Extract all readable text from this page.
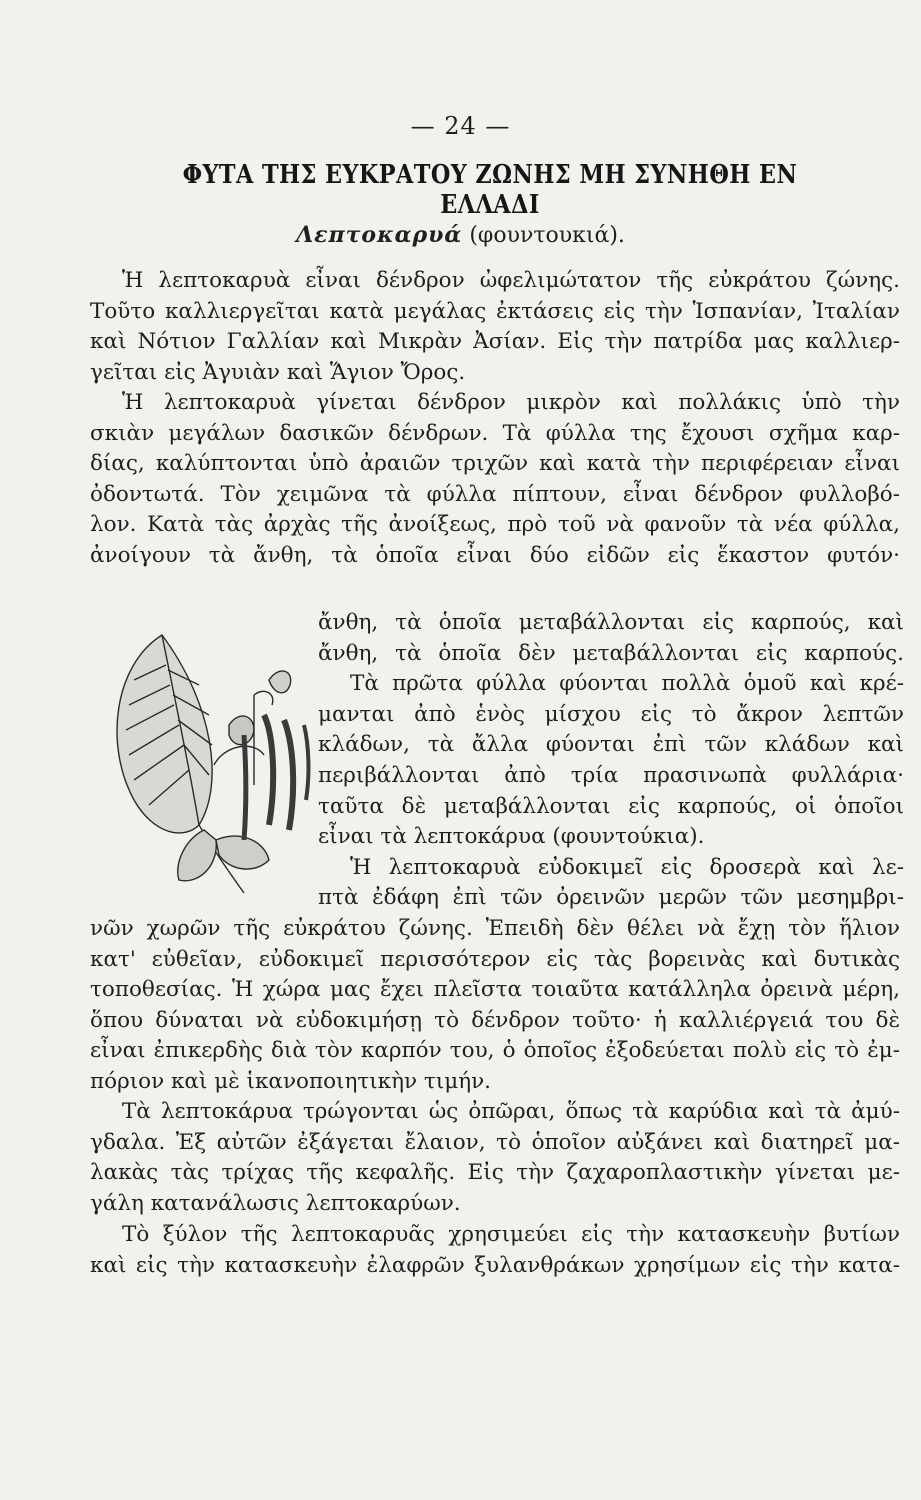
— 24 —
ΦΥΤΑ ΤΗΣ ΕΥΚΡΑΤΟΥ ΖΩΝΗΣ ΜΗ ΣΥΝΗΘΗ ΕΝ ΕΛΛΑΔΙ
Λεπτοκαρυά (φουντουκιά).
Ἡ λεπτοκαρυὰ εἶναι δένδρον ὠφελιμώτατον τῆς εὐκράτου ζώνης.
Τοῦτο καλλιεργεῖται κατὰ μεγάλας ἐκτάσεις εἰς τὴν Ἱσπανίαν, Ἰταλίαν
καὶ Νότιον Γαλλίαν καὶ Μικρὰν Ἀσίαν. Εἰς τὴν πατρίδα μας καλλιερ-
γεῖται εἰς Ἀγυιὰν καὶ Ἅγιον Ὄρος.
Ἡ λεπτοκαρυὰ γίνεται δένδρον μικρὸν καὶ πολλάκις ὑπὸ τὴν
σκιὰν μεγάλων δασικῶν δένδρων. Τὰ φύλλα της ἔχουσι σχῆμα καρ-
δίας, καλύπτονται ὑπὸ ἀραιῶν τριχῶν καὶ κατὰ τὴν περιφέρειαν εἶναι
ὀδοντωτά. Τὸν χειμῶνα τὰ φύλλα πίπτουν, εἶναι δένδρον φυλλοβό-
λον. Κατὰ τὰς ἀρχὰς τῆς ἀνοίξεως, πρὸ τοῦ νὰ φανοῦν τὰ νέα φύλλα,
ἀνοίγουν τὰ ἄνθη, τὰ ὁποῖα εἶναι δύο εἰδῶν εἰς ἕκαστον φυτόν·
ἄνθη, τὰ ὁποῖα μεταβάλλονται εἰς καρπούς, καὶ
ἄνθη, τὰ ὁποῖα δὲν μεταβάλλονται εἰς καρπούς.
Τὰ πρῶτα φύλλα φύονται πολλὰ ὁμοῦ καὶ κρέ-
μανται ἀπὸ ἑνὸς μίσχου εἰς τὸ ἄκρον λεπτῶν
κλάδων, τὰ ἄλλα φύονται ἐπὶ τῶν κλάδων καὶ
περιβάλλονται ἀπὸ τρία πρασινωπὰ φυλλάρια·
ταῦτα δὲ μεταβάλλονται εἰς καρπούς, οἱ ὁποῖοι
εἶναι τὰ λεπτοκάρυα (φουντούκια).
Ἡ λεπτοκαρυὰ εὐδοκιμεῖ εἰς δροσερὰ καὶ λε-
πτὰ ἐδάφη ἐπὶ τῶν ὀρεινῶν μερῶν τῶν μεσημβρι-
νῶν χωρῶν τῆς εὐκράτου ζώνης. Ἐπειδὴ δὲν θέλει νὰ ἔχῃ τὸν ἥλιον
κατ' εὐθεῖαν, εὐδοκιμεῖ περισσότερον εἰς τὰς βορεινὰς καὶ δυτικὰς
τοποθεσίας. Ἡ χώρα μας ἔχει πλεῖστα τοιαῦτα κατάλληλα ὀρεινὰ μέρη,
ὅπου δύναται νὰ εὐδοκιμήσῃ τὸ δένδρον τοῦτο· ἡ καλλιέργειά του δὲ
εἶναι ἐπικερδὴς διὰ τὸν καρπόν του, ὁ ὁποῖος ἐξοδεύεται πολὺ εἰς τὸ ἐμ-
πόριον καὶ μὲ ἱκανοποιητικὴν τιμήν.
Τὰ λεπτοκάρυα τρώγονται ὡς ὀπῶραι, ὅπως τὰ καρύδια καὶ τὰ ἀμύ-
γδαλα. Ἐξ αὐτῶν ἐξάγεται ἔλαιον, τὸ ὁποῖον αὐξάνει καὶ διατηρεῖ μα-
λακὰς τὰς τρίχας τῆς κεφαλῆς. Εἰς τὴν ζαχαροπλαστικὴν γίνεται με-
γάλη κατανάλωσις λεπτοκαρύων.
Τὸ ξύλον τῆς λεπτοκαρυᾶς χρησιμεύει εἰς τὴν κατασκευὴν βυτίων
καὶ εἰς τὴν κατασκευὴν ἐλαφρῶν ξυλανθράκων χρησίμων εἰς τὴν κατα-
